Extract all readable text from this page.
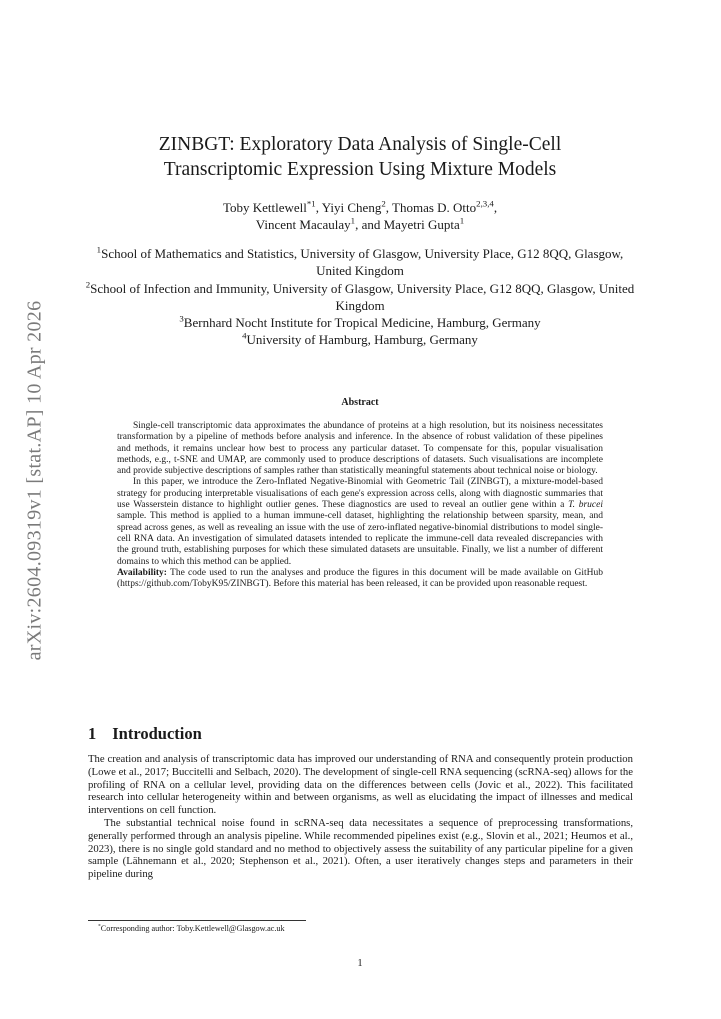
arXiv:2604.09319v1 [stat.AP] 10 Apr 2026
ZINBGT: Exploratory Data Analysis of Single-Cell
Transcriptomic Expression Using Mixture Models
Toby Kettlewell$^{*1}$, Yiyi Cheng$^2$, Thomas D. Otto$^{2,3,4}$,
Vincent Macaulay$^1$, and Mayetri Gupta$^1$
$^1$School of Mathematics and Statistics, University of Glasgow, University Place, G12 8QQ, Glasgow, United Kingdom
$^2$School of Infection and Immunity, University of Glasgow, University Place, G12 8QQ, Glasgow, United Kingdom
$^3$Bernhard Nocht Institute for Tropical Medicine, Hamburg, Germany
$^4$University of Hamburg, Hamburg, Germany
Abstract

Single-cell transcriptomic data approximates the abundance of proteins at a high resolution, but its noisiness necessitates transformation by a pipeline of methods before analysis and inference. In the absence of robust validation of these pipelines and methods, it remains unclear how best to process any particular dataset. To compensate for this, popular visualisation methods, e.g., t-SNE and UMAP, are commonly used to produce descriptions of datasets. Such visualisations are incomplete and provide subjective descriptions of samples rather than statistically meaningful statements about technical noise or biology.

In this paper, we introduce the Zero-Inflated Negative-Binomial with Geometric Tail (ZINBGT), a mixture-model-based strategy for producing interpretable visualisations of each gene's expression across cells, along with diagnostic summaries that use Wasserstein distance to highlight outlier genes. These diagnostics are used to reveal an outlier gene within a T. brucei sample. This method is applied to a human immune-cell dataset, highlighting the relationship between sparsity, mean, and spread across genes, as well as revealing an issue with the use of zero-inflated negative-binomial distributions to model single-cell RNA data. An investigation of simulated datasets intended to replicate the immune-cell data revealed discrepancies with the ground truth, establishing purposes for which these simulated datasets are unsuitable. Finally, we list a number of different domains to which this method can be applied.

Availability: The code used to run the analyses and produce the figures in this document will be made available on GitHub (https://github.com/TobyK95/ZINBGT). Before this material has been released, it can be provided upon reasonable request.

1 Introduction

The creation and analysis of transcriptomic data has improved our understanding of RNA and consequently protein production (Lowe et al., 2017; Buccitelli and Selbach, 2020). The development of single-cell RNA sequencing (scRNA-seq) allows for the profiling of RNA on a cellular level, providing data on the differences between cells (Jovic et al., 2022). This facilitated research into cellular heterogeneity within and between organisms, as well as elucidating the impact of illnesses and medical interventions on cell function.

The substantial technical noise found in scRNA-seq data necessitates a sequence of preprocessing transformations, generally performed through an analysis pipeline. While recommended pipelines exist (e.g., Slovin et al., 2021; Heumos et al., 2023), there is no single gold standard and no method to objectively assess the suitability of any particular pipeline for a given sample (Lähnemann et al., 2020; Stephenson et al., 2021). Often, a user iteratively changes steps and parameters in their pipeline during

*Corresponding author: Toby.Kettlewell@Glasgow.ac.uk
1
